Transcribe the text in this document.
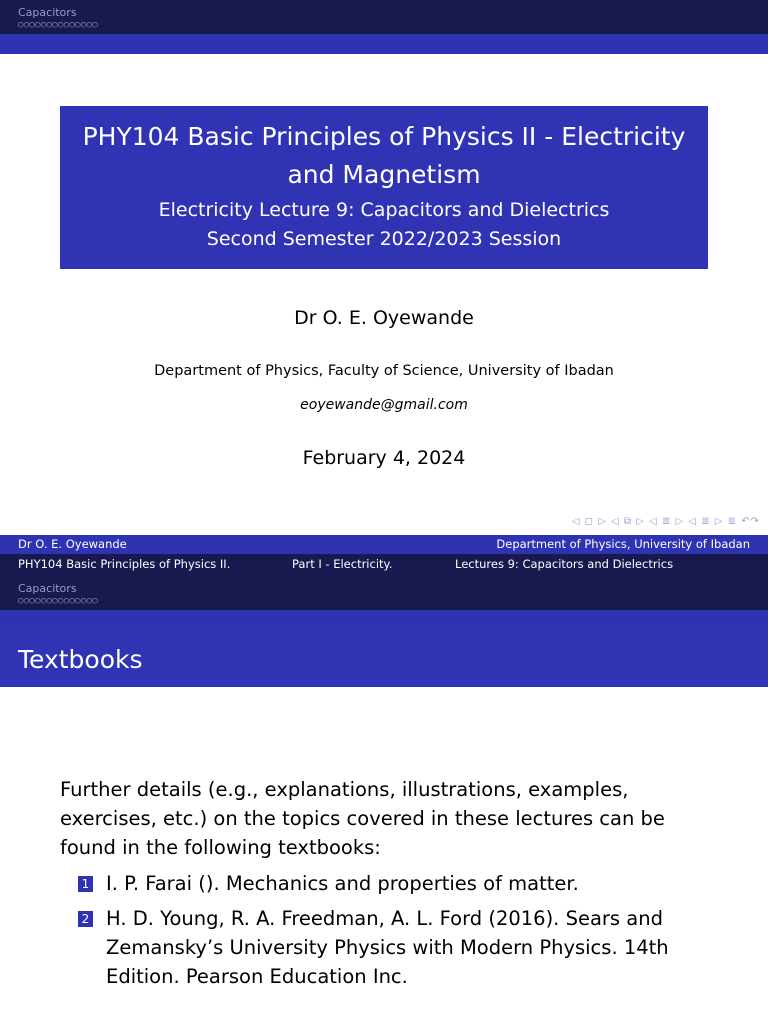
Capacitors
○○○○○○○○○○○○○○
PHY104 Basic Principles of Physics II - Electricity and Magnetism
Electricity Lecture 9: Capacitors and Dielectrics
Second Semester 2022/2023 Session
Dr O. E. Oyewande
Department of Physics, Faculty of Science, University of Ibadan
eoyewande@gmail.com
February 4, 2024
◁ ◻ ▷ ◁ ⧉ ▷ ◁ ≣ ▷ ◁ ≣ ▷ ≣ ↶↷
Dr O. E. Oyewande	Department of Physics, University of Ibadan
PHY104 Basic Principles of Physics II.	Part I - Electricity.	Lectures 9: Capacitors and Dielectrics
Capacitors
○○○○○○○○○○○○○○
Textbooks
Further details (e.g., explanations, illustrations, examples, exercises, etc.) on the topics covered in these lectures can be found in the following textbooks:
1 I. P. Farai (). Mechanics and properties of matter.
2 H. D. Young, R. A. Freedman, A. L. Ford (2016). Sears and Zemansky’s University Physics with Modern Physics. 14th Edition. Pearson Education Inc.
